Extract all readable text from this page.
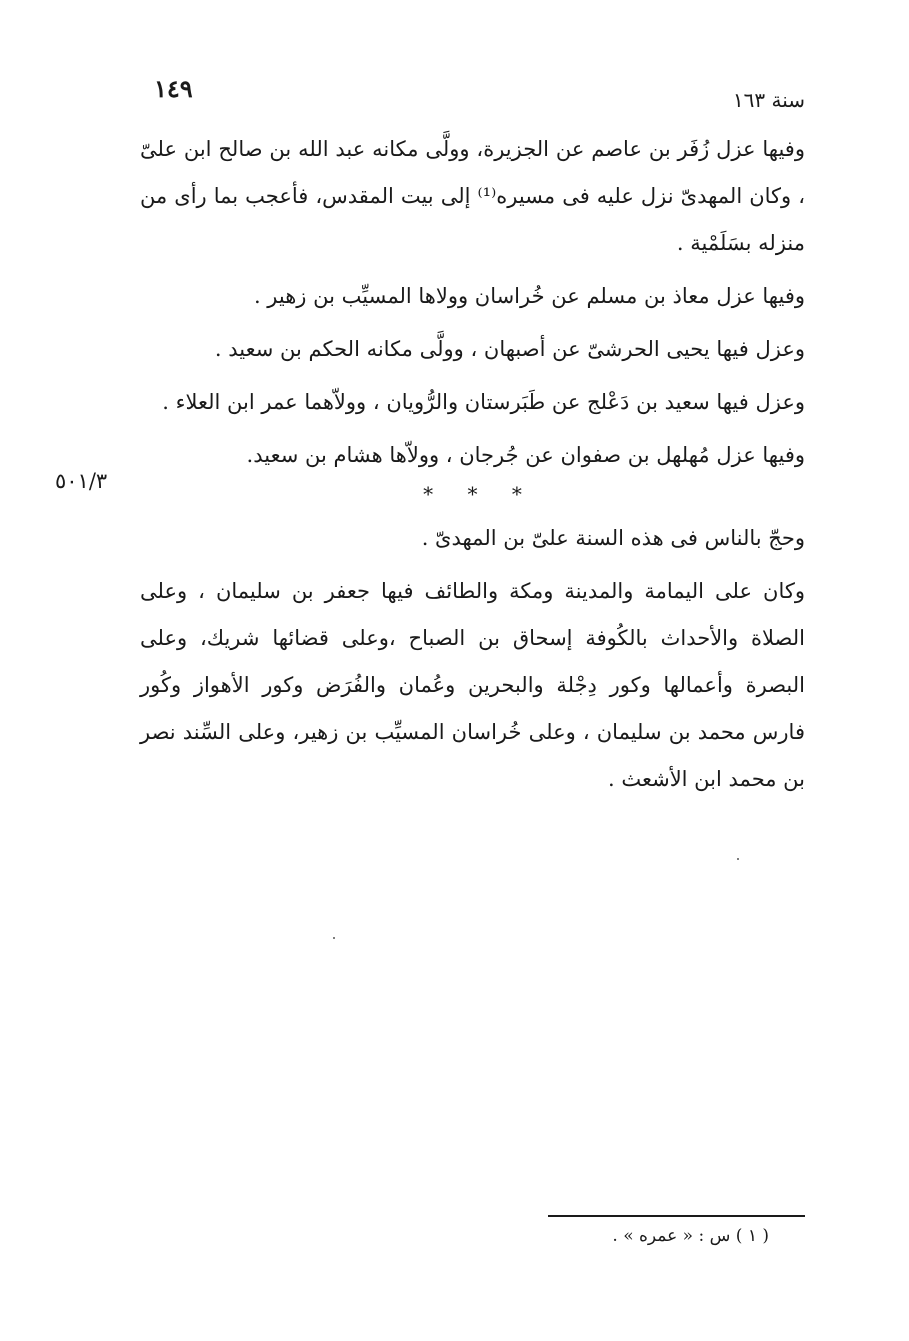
١٤٩	سنة ١٦٣

وفيها عزل زُفَر بن عاصم عن الجزيرة، وولَّى مكانه عبد الله بن صالح ابن علىّ ، وكان المهدىّ نزل عليه فى مسيره⁽¹⁾ إلى بيت المقدس، فأعجب بما رأى من منزله بسَلَمْية .

وفيها عزل معاذ بن مسلم عن خُراسان وولاها المسيِّب بن زهير .

وعزل فيها يحيى الحرشىّ عن أصبهان ، وولَّى مكانه الحكم بن سعيد .

وعزل فيها سعيد بن دَعْلج عن طَبَرستان والرُّويان ، وولاّهما عمر ابن العلاء .

وفيها عزل مُهلهل بن صفوان عن جُرجان ، وولاّها هشام بن سعيد.

* * *

وحجّ بالناس فى هذه السنة علىّ بن المهدىّ .

وكان على اليمامة والمدينة ومكة والطائف فيها جعفر بن سليمان ، وعلى الصلاة والأحداث بالكُوفة إسحاق بن الصباح ،وعلى قضائها شريك، وعلى البصرة وأعمالها وكور دِجْلة والبحرين وعُمان والفُرَض وكور الأهواز وكُور فارس محمد بن سليمان ، وعلى خُراسان المسيِّب بن زهير، وعلى السِّند نصر بن محمد ابن الأشعث .

٥٠١/٣
( ١ ) س : « عمره » .
